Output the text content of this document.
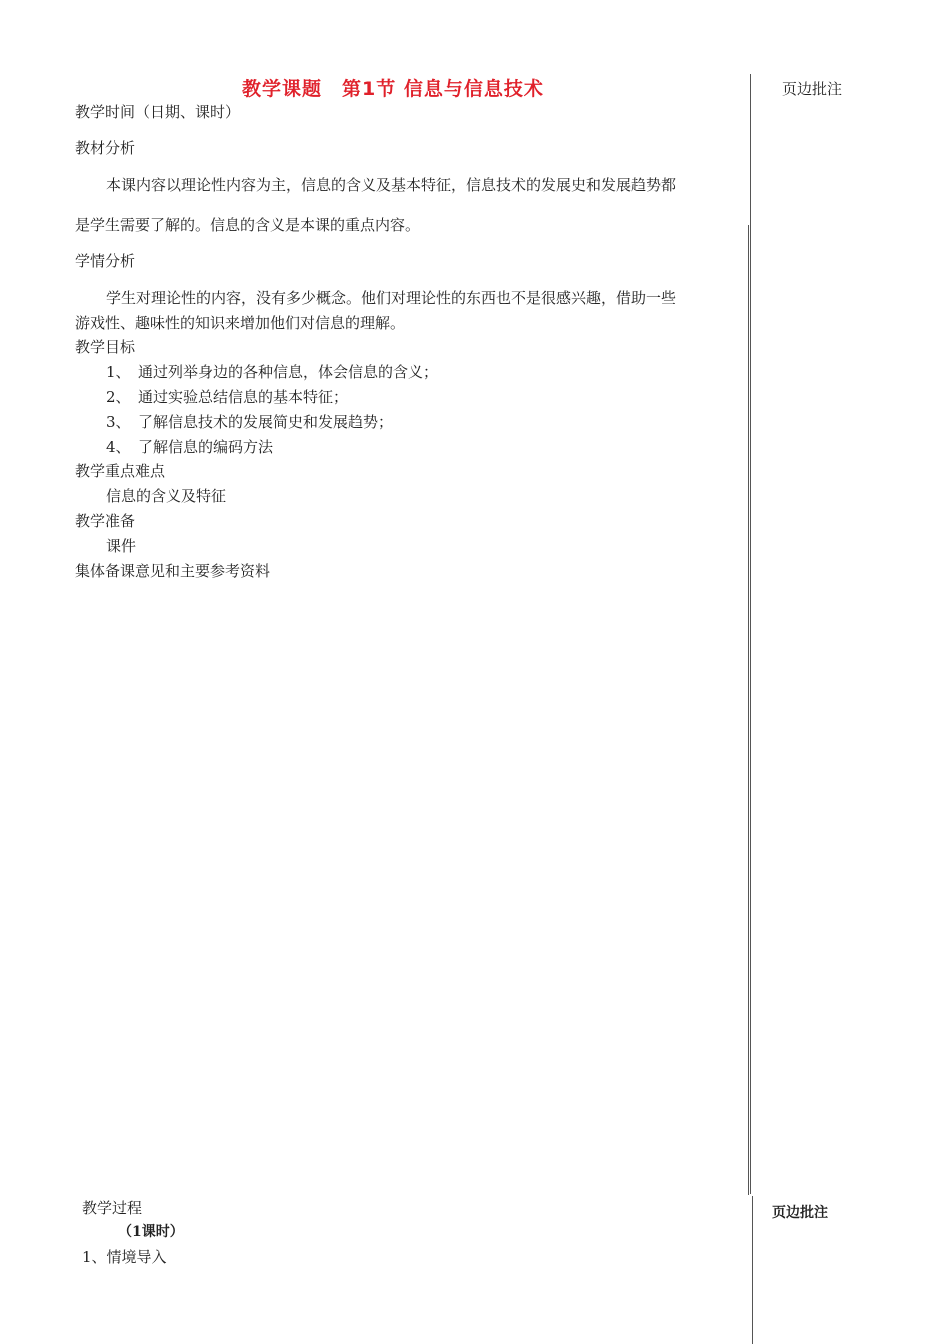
教学课题　第1节 信息与信息技术	页边批注
教学时间（日期、课时）
教材分析
本课内容以理论性内容为主，信息的含义及基本特征，信息技术的发展史和发展趋势都
是学生需要了解的。信息的含义是本课的重点内容。
学情分析
学生对理论性的内容，没有多少概念。他们对理论性的东西也不是很感兴趣，借助一些
游戏性、趣味性的知识来增加他们对信息的理解。
教学目标
1、　通过列举身边的各种信息，体会信息的含义；
2、　通过实验总结信息的基本特征；
3、　了解信息技术的发展简史和发展趋势；
4、　了解信息的编码方法
教学重点难点
信息的含义及特征
教学准备
课件
集体备课意见和主要参考资料
教学过程
（1课时）
1、情境导入
页边批注
